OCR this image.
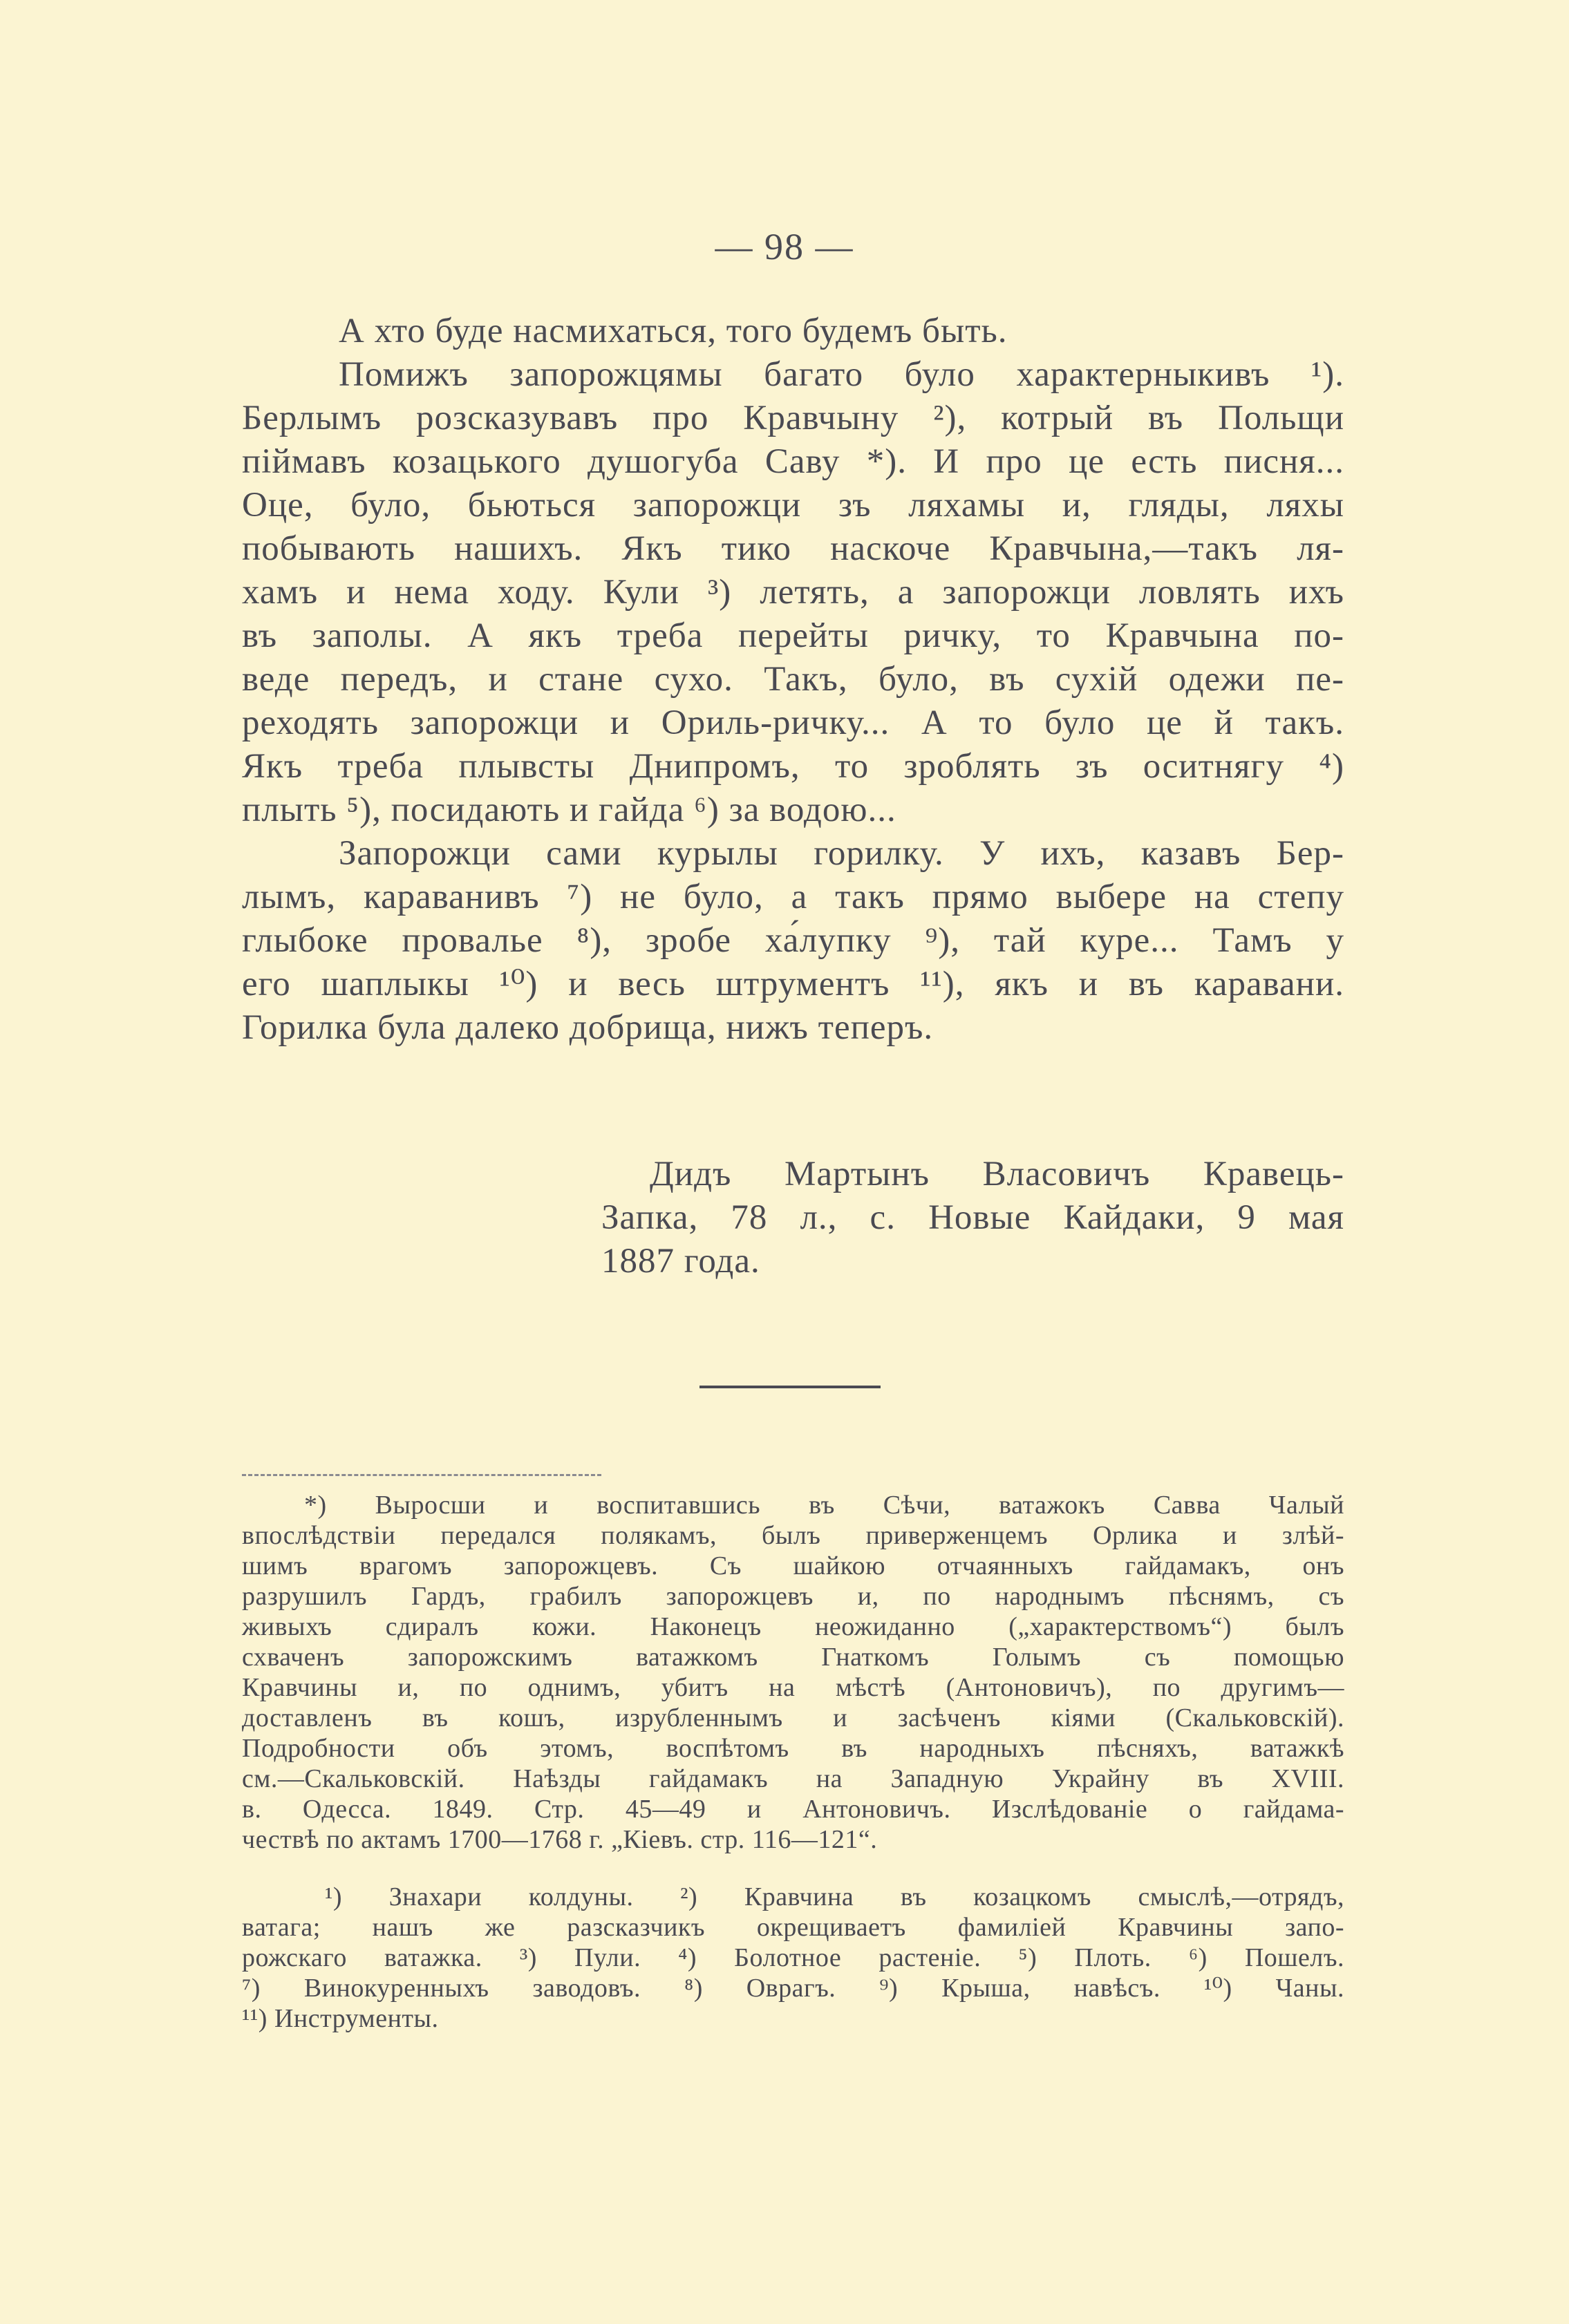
— 98 —
А хто буде насмихатьcя, того будемъ быть.
Помижъ запорожцямы багато було характерныкивъ ¹).
Берлымъ розсказувавъ про Кравчыну ²), котрый въ Польщи
піймавъ козацького душогуба Саву *). И про це есть писня...
Оце, було, бьються запорожци зъ ляхамы и, гляды, ляхы
побывають нашихъ. Якъ тико наскоче Кравчына,—такъ ля-
хамъ и нема ходу. Кули ³) летять, а запорожци ловлять ихъ
въ заполы. А якъ треба перейты ричку, то Кравчына по-
веде передъ, и стане сухо. Такъ, було, въ сухій одежи пе-
реходять запорожци и Ориль-ричку... А то було це й такъ.
Якъ треба плывсты Днипромъ, то зроблять зъ оситнягу ⁴)
плыть ⁵), посидають и гайда ⁶) за водою...
Запорожци сами курылы горилку. У ихъ, казавъ Бер-
лымъ, караванивъ ⁷) не було, а такъ прямо выбере на степу
глыбоке провалье ⁸), зробе ха́лупку ⁹), тай куре... Тамъ у
его шаплыкы ¹⁰) и весь штрументъ ¹¹), якъ и въ каравани.
Горилка була далеко добрища, нижъ теперъ.
Дидъ Мартынъ Власовичъ Кравець-
Запка, 78 л., с. Новые Кайдаки, 9 мая
1887 года.
*) Выросши и воспитавшись въ Сѣчи, ватажокъ Савва Чалый
впослѣдствіи передался полякамъ, былъ приверженцемъ Орлика и злѣй-
шимъ врагомъ запорожцевъ. Съ шайкою отчаянныхъ гайдамакъ, онъ
разрушилъ Гардъ, грабилъ запорожцевъ и, по народнымъ пѣснямъ, съ
живыхъ сдиралъ кожи. Наконецъ неожиданно („характерствомъ“) былъ
схваченъ запорожскимъ ватажкомъ Гнаткомъ Голымъ съ помощью
Кравчины и, по однимъ, убитъ на мѣстѣ (Антоновичъ), по другимъ—
доставленъ въ кошъ, изрубленнымъ и засѣченъ кіями (Скальковскій).
Подробности объ этомъ, воспѣтомъ въ народныхъ пѣсняхъ, ватажкѣ
см.—Скальковскій. Наѣзды гайдамакъ на Западную Украйну въ XVIII.
в. Одесса. 1849. Стр. 45—49 и Антоновичъ. Изслѣдованіе о гайдама-
чествѣ по актамъ 1700—1768 г. „Кіевъ. стр. 116—121“.
¹) Знахари колдуны. ²) Кравчина въ козацкомъ смыслѣ,—отрядъ,
ватага; нашъ же разсказчикъ окрещиваетъ фамиліей Кравчины запо-
рожскаго ватажка. ³) Пули. ⁴) Болотное растеніе. ⁵) Плоть. ⁶) Пошелъ.
⁷) Винокуренныхъ заводовъ. ⁸) Оврагъ. ⁹) Крыша, навѣсъ. ¹⁰) Чаны.
¹¹) Инструменты.
